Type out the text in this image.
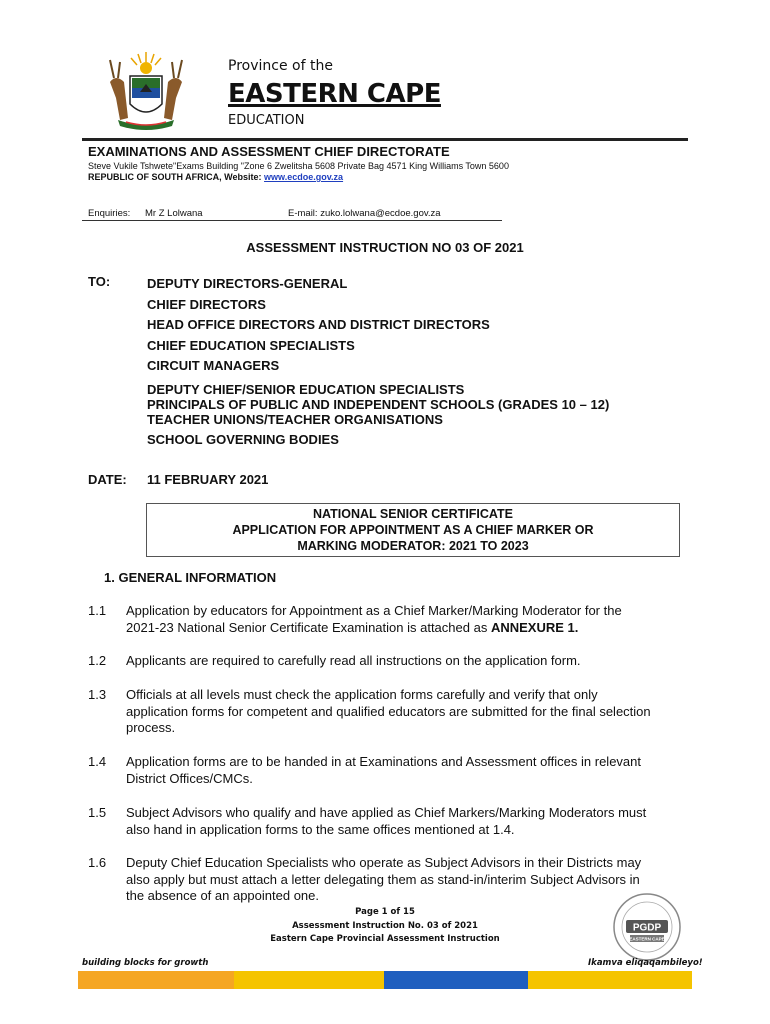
Province of the
EASTERN CAPE
EDUCATION
EXAMINATIONS AND ASSESSMENT CHIEF DIRECTORATE
Steve Vukile Tshwete"Exams Building "Zone 6 Zwelitsha 5608 Private Bag 4571 King Williams Town 5600
REPUBLIC OF SOUTH AFRICA, Website: www.ecdoe.gov.za
Enquiries: Mr Z Lolwana	E-mail: zuko.lolwana@ecdoe.gov.za
ASSESSMENT INSTRUCTION NO 03 OF 2021
TO:	DEPUTY DIRECTORS-GENERAL
CHIEF DIRECTORS
HEAD OFFICE DIRECTORS AND DISTRICT DIRECTORS
CHIEF EDUCATION SPECIALISTS
CIRCUIT MANAGERS
DEPUTY CHIEF/SENIOR EDUCATION SPECIALISTS
PRINCIPALS OF PUBLIC AND INDEPENDENT SCHOOLS (GRADES 10 – 12)
TEACHER UNIONS/TEACHER ORGANISATIONS
SCHOOL GOVERNING BODIES
DATE: 11 FEBRUARY 2021
NATIONAL SENIOR CERTIFICATE
APPLICATION FOR APPOINTMENT AS A CHIEF MARKER OR
MARKING MODERATOR: 2021 TO 2023
1. GENERAL INFORMATION
1.1 Application by educators for Appointment as a Chief Marker/Marking Moderator for the 2021-23 National Senior Certificate Examination is attached as ANNEXURE 1.
1.2 Applicants are required to carefully read all instructions on the application form.
1.3 Officials at all levels must check the application forms carefully and verify that only application forms for competent and qualified educators are submitted for the final selection process.
1.4 Application forms are to be handed in at Examinations and Assessment offices in relevant District Offices/CMCs.
1.5 Subject Advisors who qualify and have applied as Chief Markers/Marking Moderators must also hand in application forms to the same offices mentioned at 1.4.
1.6 Deputy Chief Education Specialists who operate as Subject Advisors in their Districts may also apply but must attach a letter delegating them as stand-in/interim Subject Advisors in the absence of an appointed one.
Page 1 of 15
Assessment Instruction No. 03 of 2021
Eastern Cape Provincial Assessment Instruction
PGDP
EASTERN CAPE
building blocks for growth	Ikamva eliqaqambileyo!
